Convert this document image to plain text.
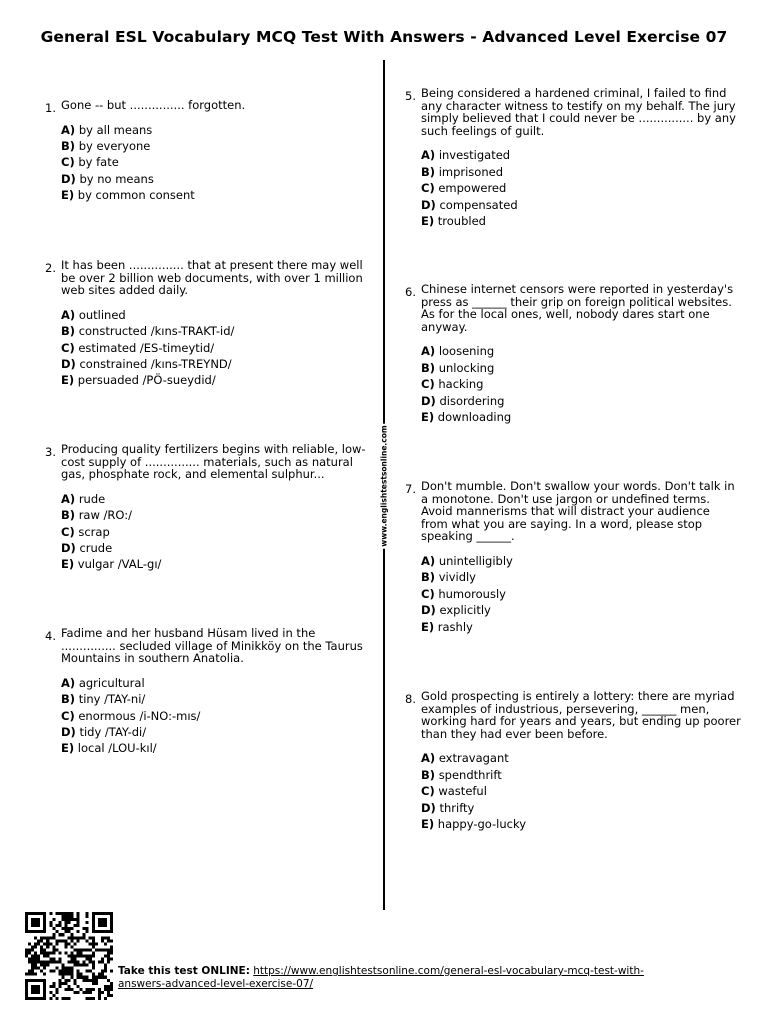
General ESL Vocabulary MCQ Test With Answers - Advanced Level Exercise 07
www.englishtestsonline.com
1. Gone -- but ............... forgotten.

A) by all means
B) by everyone
C) by fate
D) by no means
E) by common consent
2. It has been ............... that at present there may well be over 2 billion web documents, with over 1 million web sites added daily.

A) outlined
B) constructed /kıns-TRAKT-id/
C) estimated /ES-timeytid/
D) constrained /kıns-TREYND/
E) persuaded /PÖ-sueydid/
3. Producing quality fertilizers begins with reliable, low-cost supply of ............... materials, such as natural gas, phosphate rock, and elemental sulphur...

A) rude
B) raw /RO:/
C) scrap
D) crude
E) vulgar /VAL-gı/
4. Fadime and her husband Hüsam lived in the ............... secluded village of Minikköy on the Taurus Mountains in southern Anatolia.

A) agricultural
B) tiny /TAY-ni/
C) enormous /i-NO:-mıs/
D) tidy /TAY-di/
E) local /LOU-kıl/
5. Being considered a hardened criminal, I failed to find any character witness to testify on my behalf. The jury simply believed that I could never be ............... by any such feelings of guilt.

A) investigated
B) imprisoned
C) empowered
D) compensated
E) troubled
6. Chinese internet censors were reported in yesterday's press as ______ their grip on foreign political websites. As for the local ones, well, nobody dares start one anyway.

A) loosening
B) unlocking
C) hacking
D) disordering
E) downloading
7. Don't mumble. Don't swallow your words. Don't talk in a monotone. Don't use jargon or undefined terms. Avoid mannerisms that will distract your audience from what you are saying. In a word, please stop speaking ______.

A) unintelligibly
B) vividly
C) humorously
D) explicitly
E) rashly
8. Gold prospecting is entirely a lottery: there are myriad examples of industrious, persevering, ______ men, working hard for years and years, but ending up poorer than they had ever been before.

A) extravagant
B) spendthrift
C) wasteful
D) thrifty
E) happy-go-lucky
Take this test ONLINE: https://www.englishtestsonline.com/general-esl-vocabulary-mcq-test-with-answers-advanced-level-exercise-07/
